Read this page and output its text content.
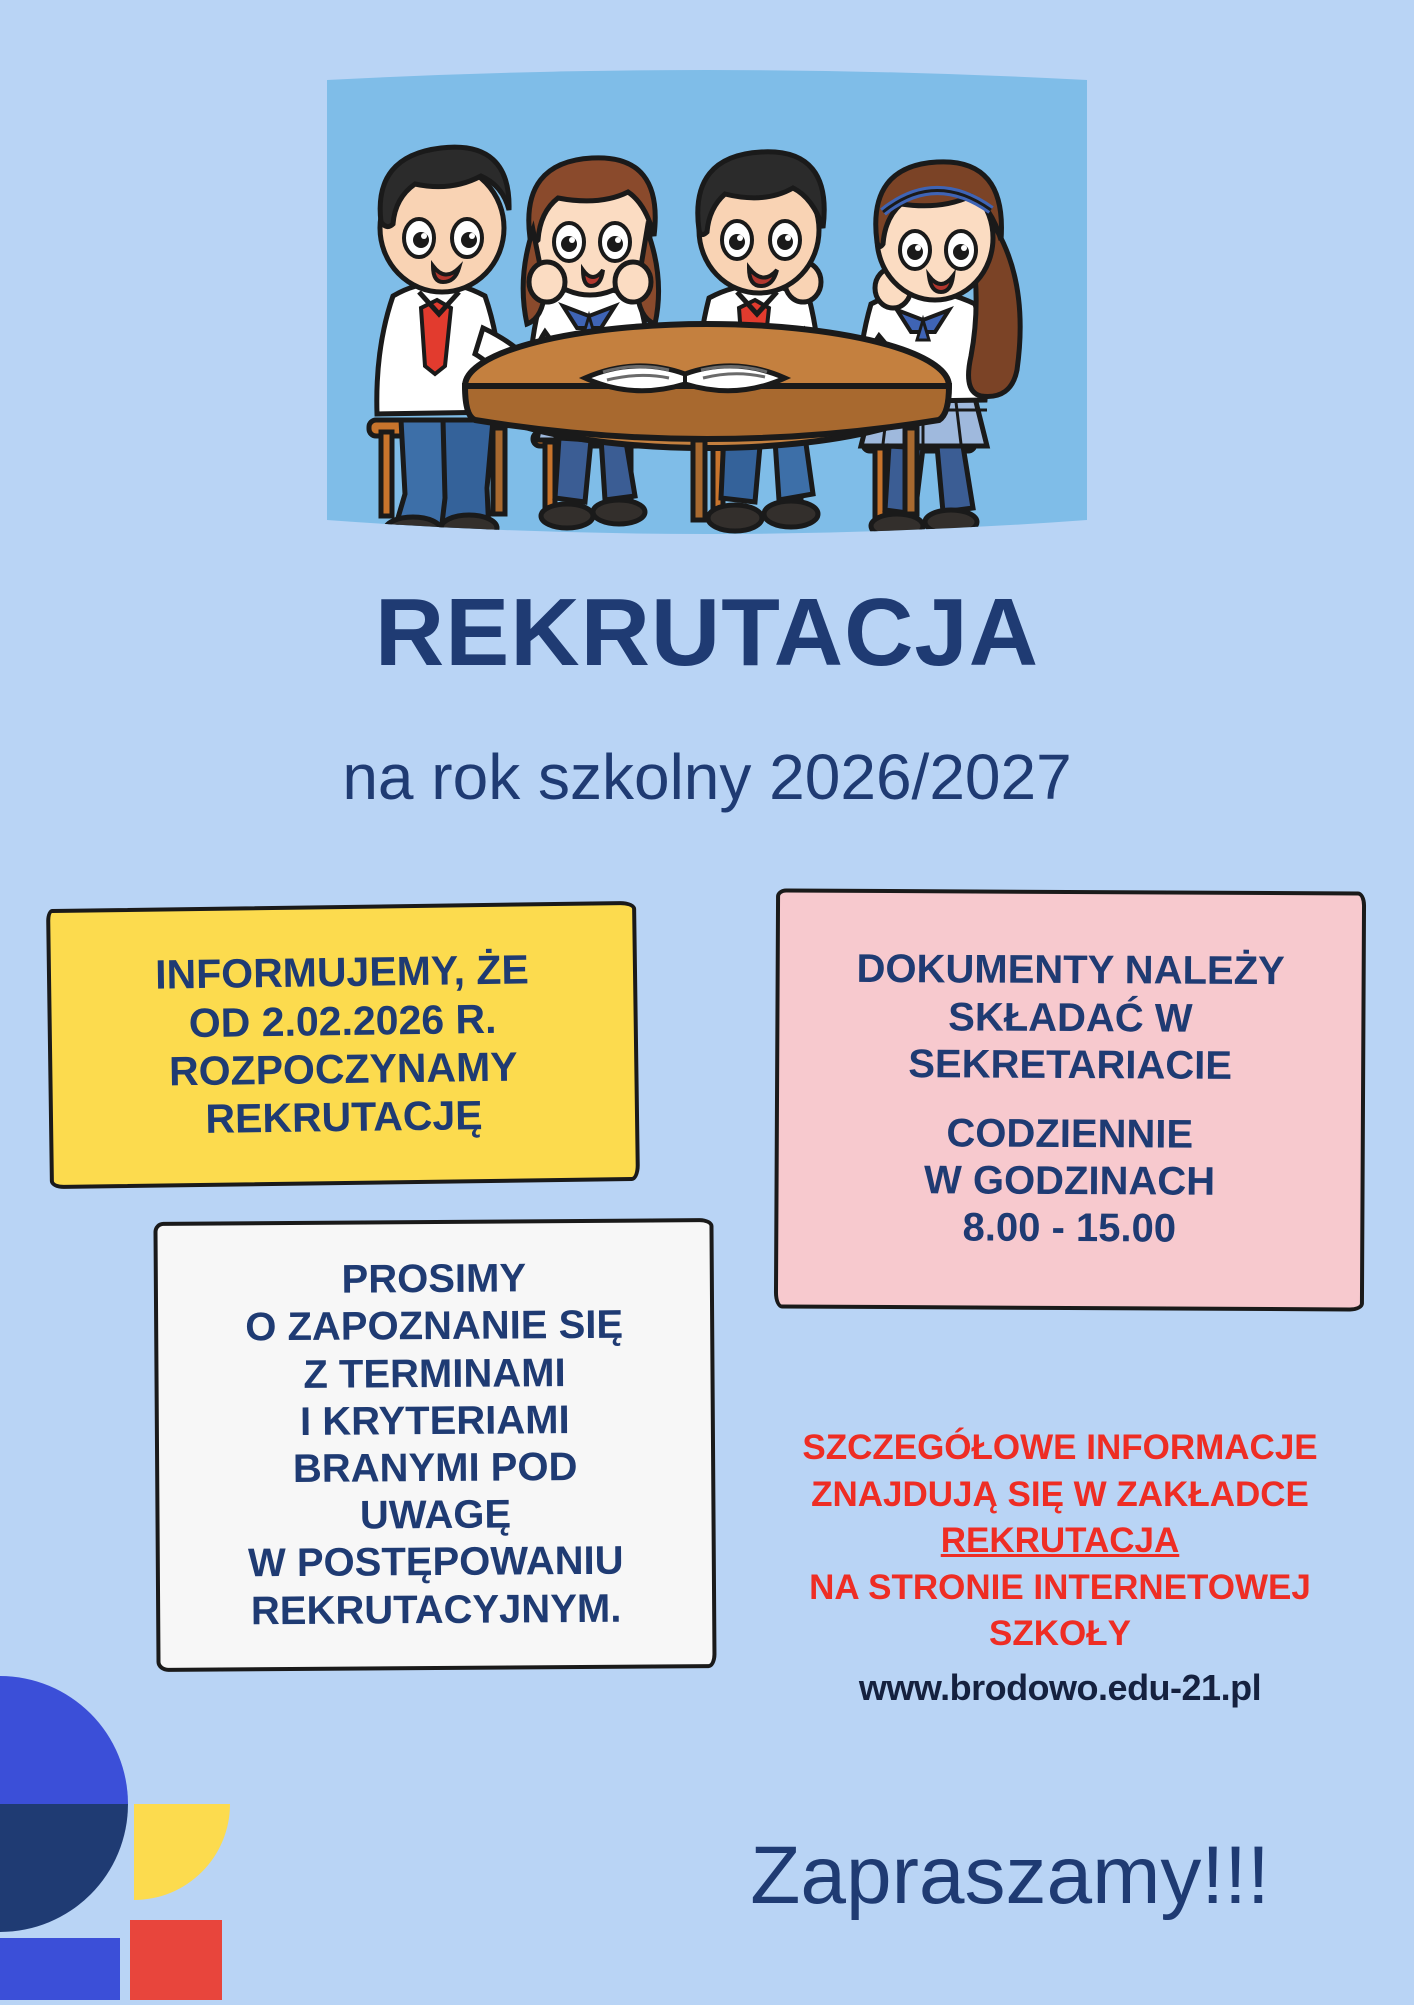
REKRUTACJA
na rok szkolny 2026/2027
INFORMUJEMY, ŻE
OD 2.02.2026 R.
ROZPOCZYNAMY
REKRUTACJĘ
DOKUMENTY NALEŻY
SKŁADAĆ W
SEKRETARIACIE
CODZIENNIE
W GODZINACH
8.00 - 15.00
PROSIMY
O ZAPOZNANIE SIĘ
Z TERMINAMI
I KRYTERIAMI
BRANYMI POD
UWAGĘ
W POSTĘPOWANIU
REKRUTACYJNYM.
SZCZEGÓŁOWE INFORMACJE
ZNAJDUJĄ SIĘ W ZAKŁADCE
REKRUTACJA
NA STRONIE INTERNETOWEJ
SZKOŁY
www.brodowo.edu-21.pl
Zapraszamy!!!
